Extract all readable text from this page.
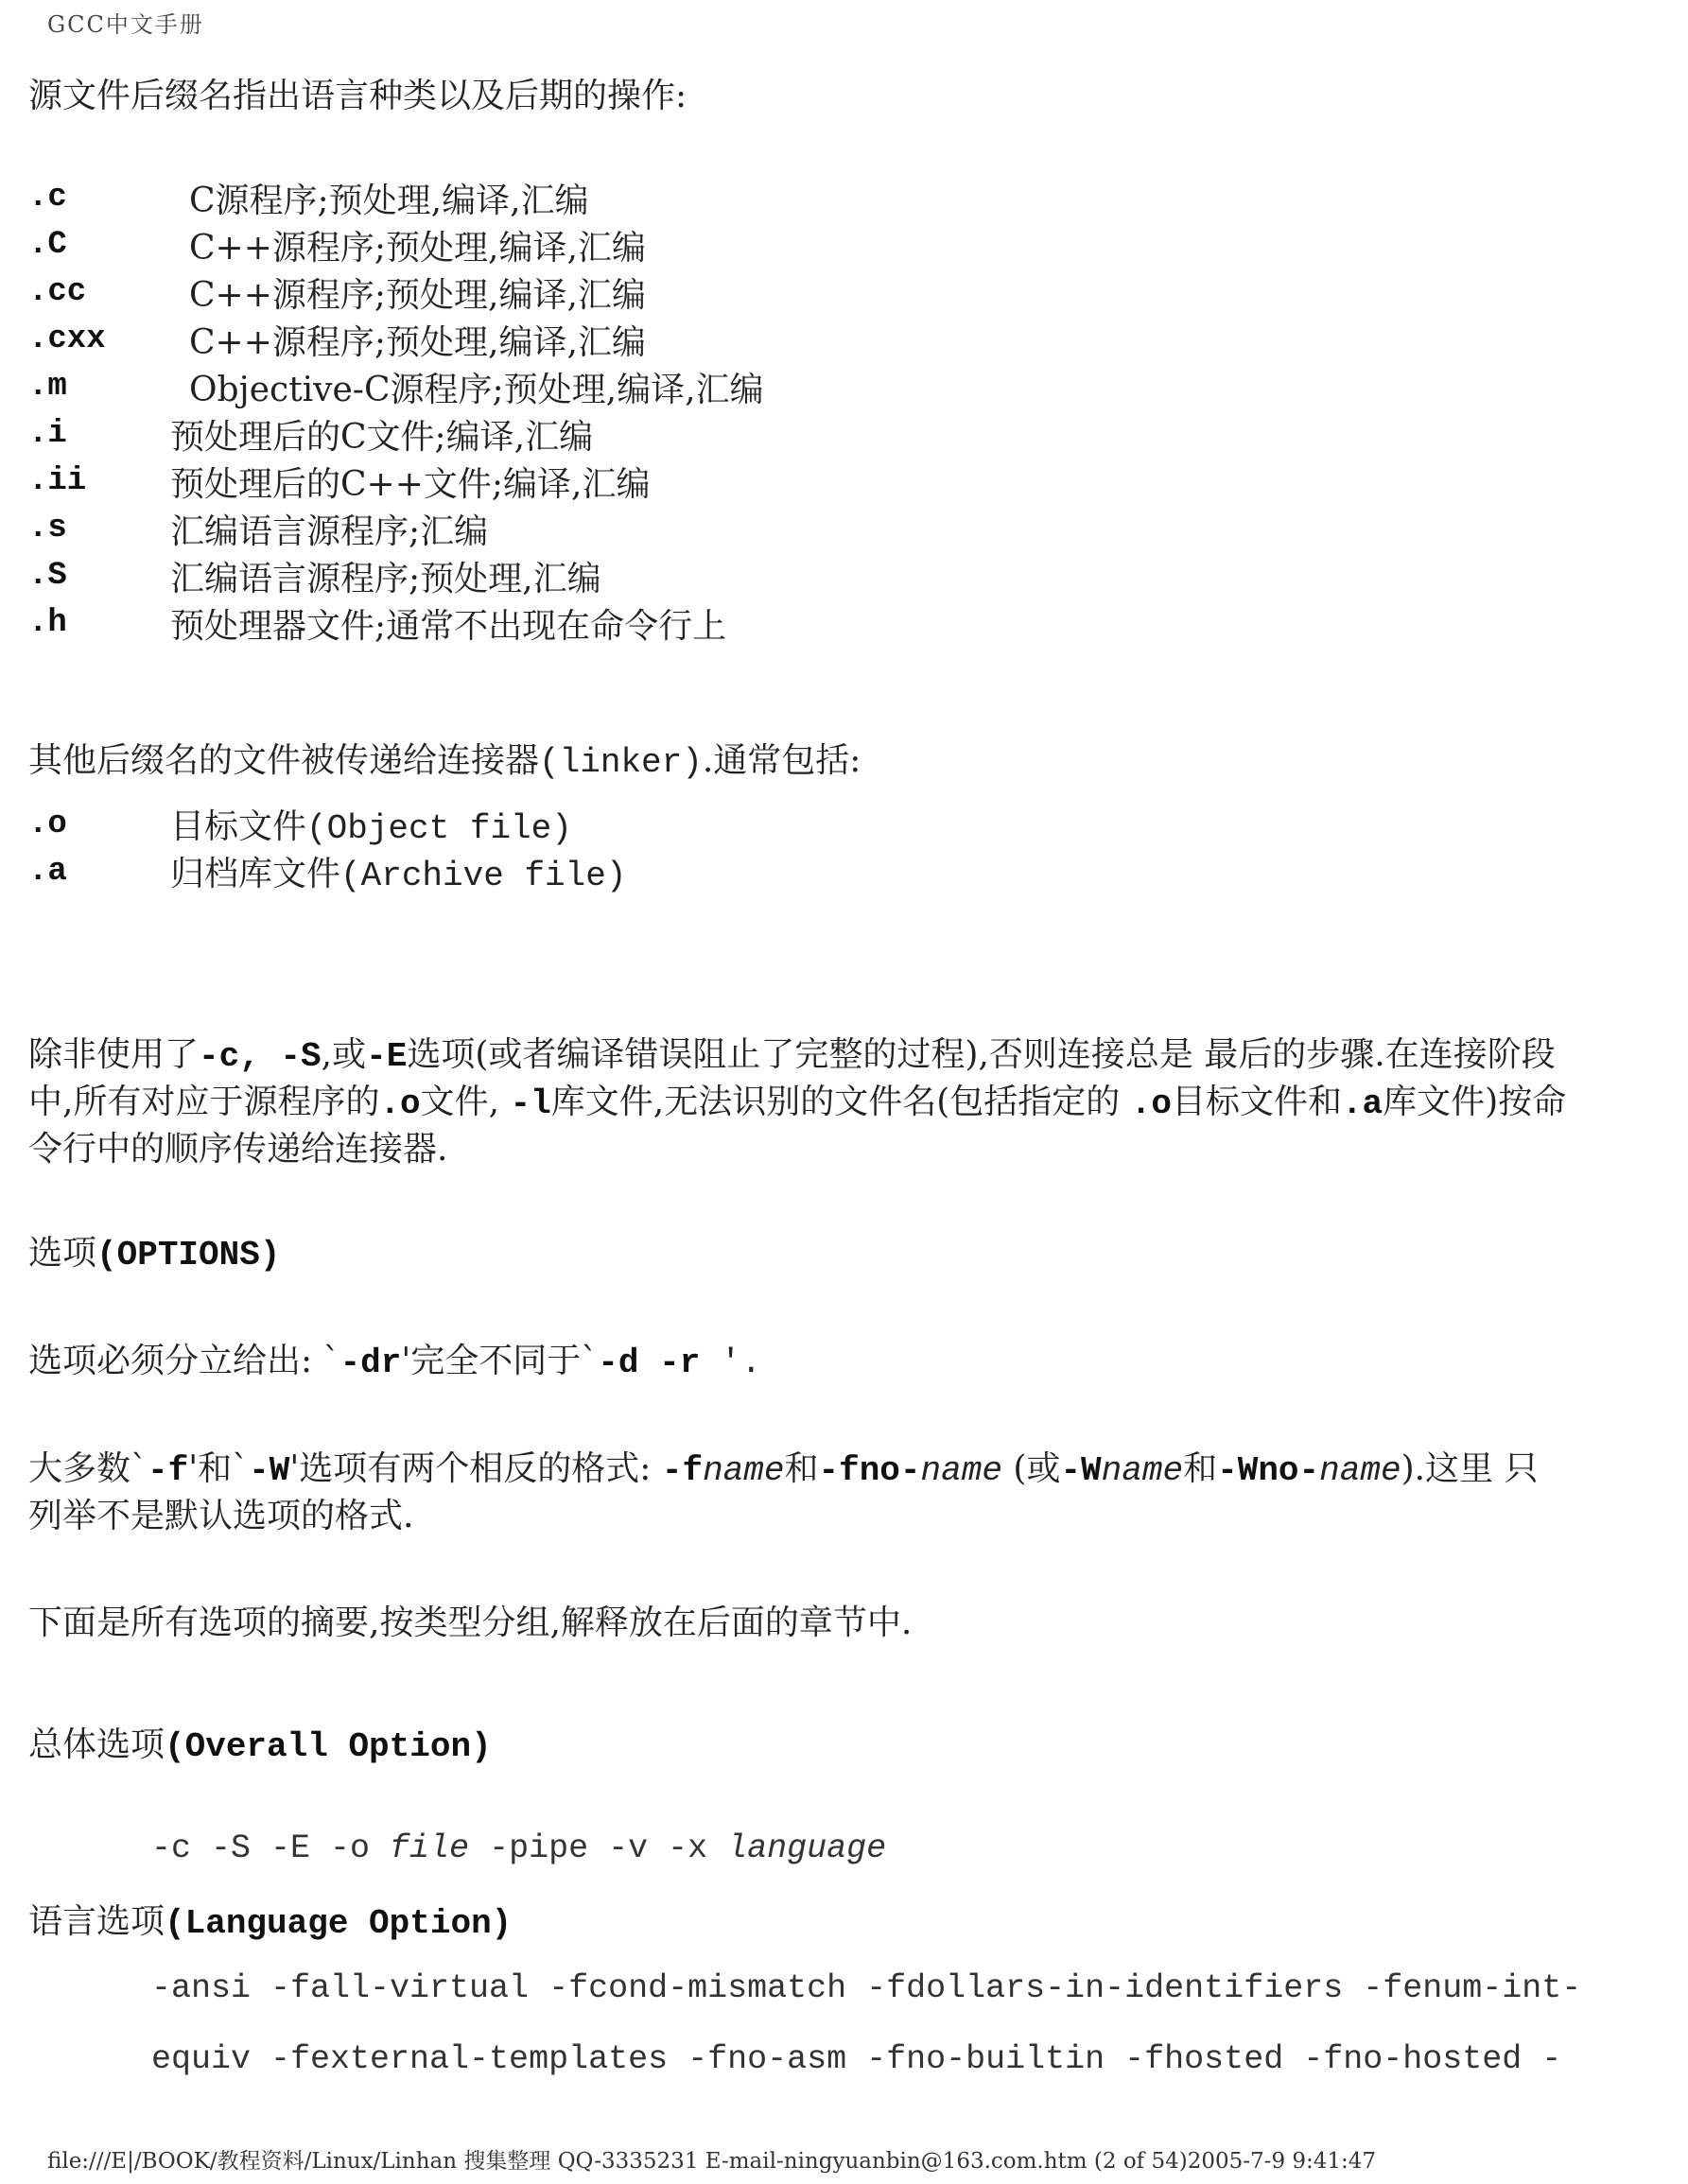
GCC中文手册
源文件后缀名指出语言种类以及后期的操作:
.c	C源程序;预处理,编译,汇编
.C	C++源程序;预处理,编译,汇编
.cc	C++源程序;预处理,编译,汇编
.cxx C++源程序;预处理,编译,汇编
.m	Objective-C源程序;预处理,编译,汇编
.i	预处理后的C文件;编译,汇编
.ii 预处理后的C++文件;编译,汇编
.s	汇编语言源程序;汇编
.S	汇编语言源程序;预处理,汇编
.h	预处理器文件;通常不出现在命令行上
其他后缀名的文件被传递给连接器(linker).通常包括:
.o	目标文件(Object file)
.a	归档库文件(Archive file)
除非使用了-c, -S,或-E选项(或者编译错误阻止了完整的过程),否则连接总是 最后的步骤.在连接阶段
中,所有对应于源程序的.o文件, -l库文件,无法识别的文件名(包括指定的 .o目标文件和.a库文件)按命
令行中的顺序传递给连接器.
选项(OPTIONS)
选项必须分立给出: `-dr'完全不同于`-d -r '.
大多数`-f'和`-W'选项有两个相反的格式: -fname和-fno-name (或-Wname和-Wno-name).这里 只
列举不是默认选项的格式.
下面是所有选项的摘要,按类型分组,解释放在后面的章节中.
总体选项(Overall Option)
-c -S -E -o file -pipe -v -x language
语言选项(Language Option)
-ansi -fall-virtual -fcond-mismatch -fdollars-in-identifiers -fenum-int-
equiv -fexternal-templates -fno-asm -fno-builtin -fhosted -fno-hosted -
file:///E|/BOOK/教程资料/Linux/Linhan 搜集整理 QQ-3335231 E-mail-ningyuanbin@163.com.htm (2 of 54)2005-7-9 9:41:47
